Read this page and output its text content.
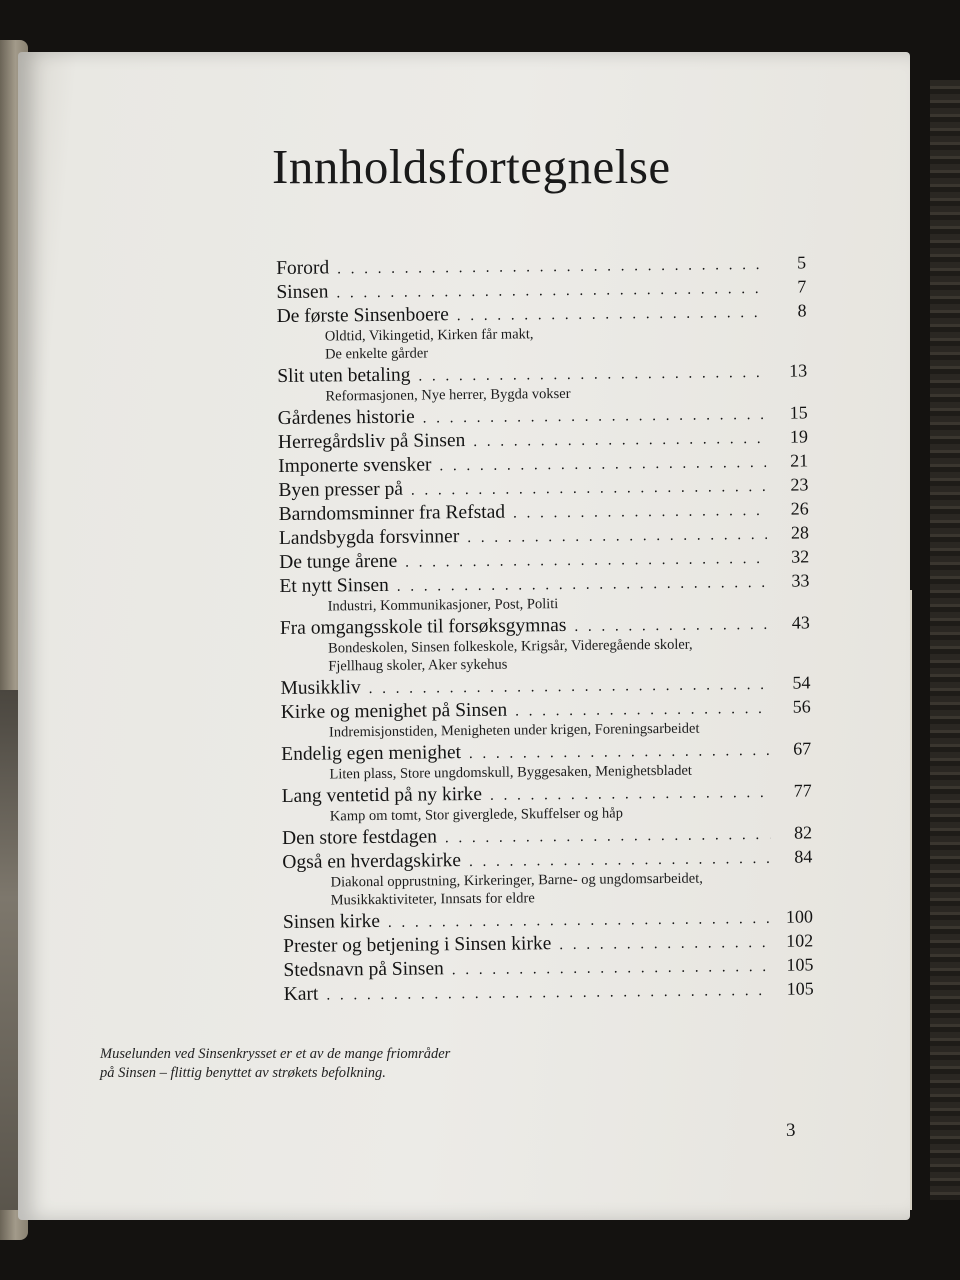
Innholdsfortegnelse
Forord . . .	5
Sinsen . . .	7
De første Sinsenboere . . .	8
Oldtid, Vikingetid, Kirken får makt,
De enkelte gårder
Slit uten betaling . . .	13
Reformasjonen, Nye herrer, Bygda vokser
Gårdenes historie . . .	15
Herregårdsliv på Sinsen . . .	19
Imponerte svensker . . .	21
Byen presser på . . .	23
Barndomsminner fra Refstad . . .	26
Landsbygda forsvinner . . .	28
De tunge årene . . .	32
Et nytt Sinsen . . .	33
Industri, Kommunikasjoner, Post, Politi
Fra omgangsskole til forsøksgymnas . . .	43
Bondeskolen, Sinsen folkeskole, Krigsår, Videregående skoler,
Fjellhaug skoler, Aker sykehus
Musikkliv . . .	54
Kirke og menighet på Sinsen . . .	56
Indremisjonstiden, Menigheten under krigen, Foreningsarbeidet
Endelig egen menighet . . .	67
Liten plass, Store ungdomskull, Byggesaken, Menighetsbladet
Lang ventetid på ny kirke . . .	77
Kamp om tomt, Stor giverglede, Skuffelser og håp
Den store festdagen . . .	82
Også en hverdagskirke . . .	84
Diakonal opprustning, Kirkeringer, Barne- og ungdomsarbeidet,
Musikkaktiviteter, Innsats for eldre
Sinsen kirke . . .	100
Prester og betjening i Sinsen kirke . . .	102
Stedsnavn på Sinsen . . .	105
Kart . . .	105
Muselunden ved Sinsenkrysset er et av de mange friområder på Sinsen – flittig benyttet av strøkets befolkning.
3
